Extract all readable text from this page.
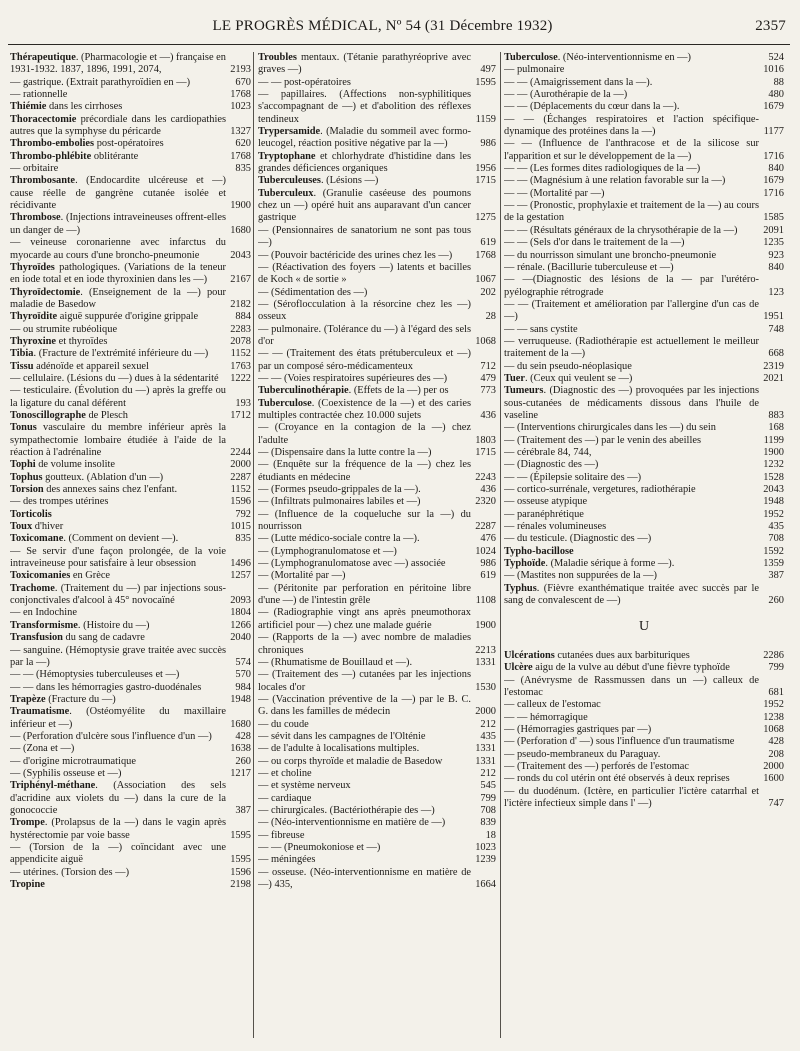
LE PROGRÈS MÉDICAL, Nº 54 (31 Décembre 1932)	2357
Thérapeutique. (Pharmacologie et —) française en 1931-1932. 1837, 1896, 1991, 2074,	2193
— gastrique. (Extrait parathyroïdien en —)	670
— rationnelle	1768
Thiémie dans les cirrhoses	1023
Thoracectomie précordiale dans les cardiopathies autres que la symphyse du péricarde	1327
Thrombo-embolies post-opératoires	620
Thrombo-phlébite oblitérante	1768
— orbitaire	835
Thrombosante. (Endocardite ulcéreuse et —) cause réelle de gangrène cutanée isolée et récidivante	1900
Thrombose. (Injections intraveineuses offrent-elles un danger de —)	1680
— veineuse coronarienne avec infarctus du myocarde au cours d'une broncho-pneumonie	2043
Thyroïdes pathologiques. (Variations de la teneur en iode total et en iode thyroxinien dans les —)	2167
Thyroïdectomie. (Enseignement de la —) pour maladie de Basedow	2182
Thyroïdite aiguë suppurée d'origine grippale	884
— ou strumite rubéolique	2283
Thyroxine et thyroïdes	2078
Tibia. (Fracture de l'extrémité inférieure du —)	1152
Tissu adénoïde et appareil sexuel	1763
— cellulaire. (Lésions du —) dues à la sédentarité	1222
— testiculaire. (Évolution du —) après la greffe ou la ligature du canal déférent	193
Tonoscillographe de Plesch	1712
Tonus vasculaire du membre inférieur après la sympathectomie lombaire étudiée à l'aide de la réaction à l'adrénaline	2244
Tophi de volume insolite	2000
Tophus goutteux. (Ablation d'un —)	2287
Torsion des annexes sains chez l'enfant.	1152
— des trompes utérines	1596
Torticolis	792
Toux d'hiver	1015
Toxicomane. (Comment on devient —).	835
— Se servir d'une façon prolongée, de la voie intraveineuse pour satisfaire à leur obsession	1496
Toxicomanies en Grèce	1257
Trachome. (Traitement du —) par injections sous-conjonctivales d'alcool à 45° novocaïné	2093
— en Indochine	1804
Transformisme. (Histoire du —)	1266
Transfusion du sang de cadavre	2040
— sanguine. (Hémoptysie grave traitée avec succès par la —)	574
— — (Hémoptysies tuberculeuses et —)	570
— — dans les hémorragies gastro-duodénales	984
Trapèze (Fracture du —)	1948
Traumatisme. (Ostéomyélite du maxillaire inférieur et —)	1680
— (Perforation d'ulcère sous l'influence d'un —)	428
— (Zona et —)	1638
— d'origine microtraumatique	260
— (Syphilis osseuse et —)	1217
Triphényl-méthane. (Association des sels d'acridine aux violets du —) dans la cure de la gonococcie	387
Trompe. (Prolapsus de la —) dans le vagin après hystérectomie par voie basse	1595
— (Torsion de la —) coïncidant avec une appendicite aiguë	1595
— utérines. (Torsion des —)	1596
Tropine	2198
Troubles mentaux. (Tétanie parathyréoprive avec graves —)	497
— — post-opératoires	1595
— papillaires. (Affections non-syphilitiques s'accompagnant de —) et d'abolition des réflexes tendineux	1159
Trypersamide. (Maladie du sommeil avec formo-leucogel, réaction positive négative par la —)	986
Tryptophane et chlorhydrate d'histidine dans les grandes déficiences organiques	1956
Tuberculeuses. (Lésions —)	1715
Tuberculeux. (Granulie caséeuse des poumons chez un —) opéré huit ans auparavant d'un cancer gastrique	1275
— (Pensionnaires de sanatorium ne sont pas tous —)	619
— (Pouvoir bactéricide des urines chez les —)	1768
— (Réactivation des foyers —) latents et bacilles de Koch « de sortie »	1067
— (Sédimentation des —)	202
— (Séroflocculation à la résorcine chez les —) osseux	28
— pulmonaire. (Tolérance du —) à l'égard des sels d'or	1068
— — (Traitement des états prétuberculeux et —) par un composé séro-médicamenteux	712
— — (Voies respiratoires supérieures des —)	479
Tuberculinothérapie. (Effets de la —) per os	773
Tuberculose. (Coexistence de la —) et des caries multiples contractée chez 10.000 sujets	436
— (Croyance en la contagion de la —) chez l'adulte	1803
— (Dispensaire dans la lutte contre la —)	1715
— (Enquête sur la fréquence de la —) chez les étudiants en médecine	2243
— (Formes pseudo-grippales de la —).	436
— (Infiltrats pulmonaires labiles et —)	2320
— (Influence de la coqueluche sur la —) du nourrisson	2287
— (Lutte médico-sociale contre la —).	476
— (Lymphogranulomatose et —)	1024
— (Lymphogranulomatose avec —) associée	986
— (Mortalité par —)	619
— (Péritonite par perforation en péritoine libre d'une —) de l'intestin grêle	1108
— (Radiographie vingt ans après pneumothorax artificiel pour —) chez une malade guérie	1900
— (Rapports de la —) avec nombre de maladies chroniques	2213
— (Rhumatisme de Bouillaud et —).	1331
— (Traitement des —) cutanées par les injections locales d'or	1530
— (Vaccination préventive de la —) par le B. C. G. dans les familles de médecin	2000
— du coude	212
— sévit dans les campagnes de l'Olténie	435
— de l'adulte à localisations multiples.	1331
— ou corps thyroïde et maladie de Basedow	1331
— et choline	212
— et système nerveux	545
— cardiaque	799
— chirurgicales. (Bactériothérapie des —)	708
— (Néo-interventionnisme en matière de —)	839
— fibreuse	18
— — (Pneumokoniose et —)	1023
— méningées	1239
— osseuse. (Néo-interventionnisme en matière de —) 435,	1664
Tuberculose. (Néo-interventionnisme en —)	524
— pulmonaire	1016
— — (Amaigrissement dans la —).	88
— — (Aurothérapie de la —)	480
— — (Déplacements du cœur dans la —).	1679
— — (Échanges respiratoires et l'action spécifique-dynamique des protéines dans la —)	1177
— — (Influence de l'anthracose et de la silicose sur l'apparition et sur le développement de la —)	1716
— — (Les formes dites radiologiques de la —)	840
— — (Magnésium à une relation favorable sur la —)	1679
— — (Mortalité par —)	1716
— — (Pronostic, prophylaxie et traitement de la —) au cours de la gestation	1585
— — (Résultats généraux de la chrysothérapie de la —)	2091
— — (Sels d'or dans le traitement de la —)	1235
— du nourrisson simulant une broncho-pneumonie	923
— rénale. (Bacillurie tuberculeuse et —)	840
— —(Diagnostic des lésions de la — par l'urétéro-pyélographie rétrograde	123
— — (Traitement et amélioration par l'allergine d'un cas de —)	1951
— — sans cystite	748
— verruqueuse. (Radiothérapie est actuellement le meilleur traitement de la —)	668
— du sein pseudo-néoplasique	2319
Tuer. (Ceux qui veulent se —)	2021
Tumeurs. (Diagnostic des —) provoquées par les injections sous-cutanées de médicaments dissous dans l'huile de vaseline	883
— (Interventions chirurgicales dans les —) du sein	168
— (Traitement des —) par le venin des abeilles	1199
— cérébrale 84, 744,	1900
— (Diagnostic des —)	1232
— — (Épilepsie solitaire des —)	1528
— cortico-surrénale, vergetures, radiothérapie	2043
— osseuse atypique	1948
— paranéphrétique	1952
— rénales volumineuses	435
— du testicule. (Diagnostic des —)	708
Typho-bacillose	1592
Typhoïde. (Maladie sérique à forme —).	1359
— (Mastites non suppurées de la —)	387
Typhus. (Fièvre exanthématique traitée avec succès par le sang de convalescent de —)	260
U
Ulcérations cutanées dues aux barbituriques	2286
Ulcère aigu de la vulve au début d'une fièvre typhoïde	799
— (Anévrysme de Rassmussen dans un —) calleux de l'estomac	681
— calleux de l'estomac	1952
— — hémorragique	1238
— (Hémorragies gastriques par —)	1068
— (Perforation d' —) sous l'influence d'un traumatisme	428
— pseudo-membraneux du Paraguay.	208
— (Traitement des —) perforés de l'estomac	2000
— ronds du col utérin ont été observés à deux reprises	1600
— du duodénum. (Ictère, en particulier l'ictère catarrhal et l'ictère infectieux simple dans l' —)	747
